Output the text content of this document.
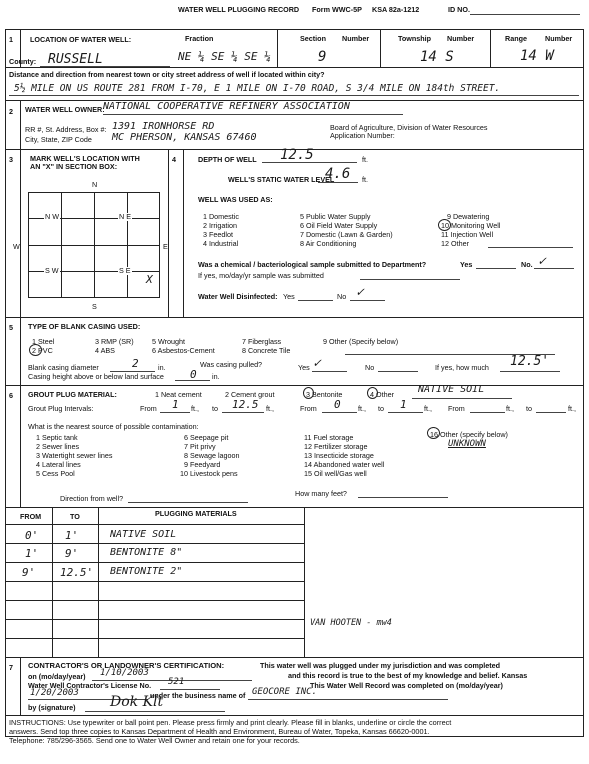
WATER WELL PLUGGING RECORD Form WWC-5P KSA 82a-1212	ID NO.
1 LOCATION OF WATER WELL:	Fraction	Section Number	Township Number	Range	Number
County: RUSSELL	NE ¼ SE ¼ SE ¼	9	14 S	14 W
Distance and direction from nearest town or city street address of well if located within city?
5½ MILE ON US ROUTE 281 FROM I-70, E 1 MILE ON I-70 ROAD, S 3/4 MILE ON 184th STREET.
2 WATER WELL OWNER:
NATIONAL COOPERATIVE REFINERY ASSOCIATION
RR #, St. Address, Box #: 1391 IRONHORSE RD
City, State, ZIP Code MC PHERSON, KANSAS 67460
Board of Agriculture, Division of Water Resources
Application Number:
3 MARK WELL'S LOCATION WITH
AN "X" IN SECTION BOX:
N
S
W	E
N W	N E
S W	S E
X
4	DEPTH OF WELL 12.5	ft.
WELL'S STATIC WATER LEVEL
4.6 ft.
WELL WAS USED AS:
1 Domestic
2 Irrigation
3 Feedlot
4 Industrial
5 Public Water Supply
6 Oil Field Water Supply
7 Domestic (Lawn & Garden)
8 Air Conditioning
9 Dewatering
10 Monitoring Well
11 Injection Well
12 Other
Was a chemical / bacteriological sample submitted to Department?	Yes	No. ✓
If yes, mo/day/yr sample was submitted
Water Well Disinfected: Yes	No ✓
5 TYPE OF BLANK CASING USED:
1 Steel	3 RMP (SR)	5 Wrought	7 Fiberglass	9 Other (Specify below)
2 PVC	4 ABS	6 Asbestos-Cement	8 Concrete Tile
Blank casing diameter	2	in.	Was casing pulled?	Yes ✓	No	If yes, how much 12.5'
Casing height above or below land surface 0 in.
6 GROUT PLUG MATERIAL:	1 Neat cement	2 Cement grout	3 Bentonite	4 Other NATIVE SOIL
Grout Plug Intervals:	From 1 ft., to 12.5 ft.,	From 0 ft., to 1 ft., From	ft., to	ft.,
What is the nearest source of possible contamination:
1 Septic tank
2 Sewer lines
3 Watertight sewer lines
4 Lateral lines
5 Cess Pool
6 Seepage pit
7 Pit privy
8 Sewage lagoon
9 Feedyard
10 Livestock pens
11 Fuel storage
12 Fertilizer storage
13 Insecticide storage
14 Abandoned water well
15 Oil well/Gas well
16 Other (specify below)
UNKNOWN
Direction from well?
How many feet?
FROM	TO	PLUGGING MATERIALS
0' 1'	NATIVE SOIL
1' 9'	BENTONITE 8"
9' 12.5' BENTONITE 2"
VAN HOOTEN - mw4
7 CONTRACTOR'S OR LANDOWNER'S CERTIFICATION:	This water well was plugged under my jurisdiction and was completed
on (mo/day/year) 1/10/2003	and this record is true to the best of my knowledge and belief. Kansas
Water Well Contractor's License No. 521	This Water Well Record was completed on (mo/day/year)
1/20/2003	under the business name of GEOCORE INC.
by (signature) Dok Klt
INSTRUCTIONS: Use typewriter or ball point pen. Please press firmly and print clearly. Please fill in blanks, underline or circle the correct
answers. Send top three copies to Kansas Department of Health and Environment, Bureau of Water, Topeka, Kansas 66620-0001.
Telephone: 785/296-3565. Send one to Water Well Owner and retain one for your records.
